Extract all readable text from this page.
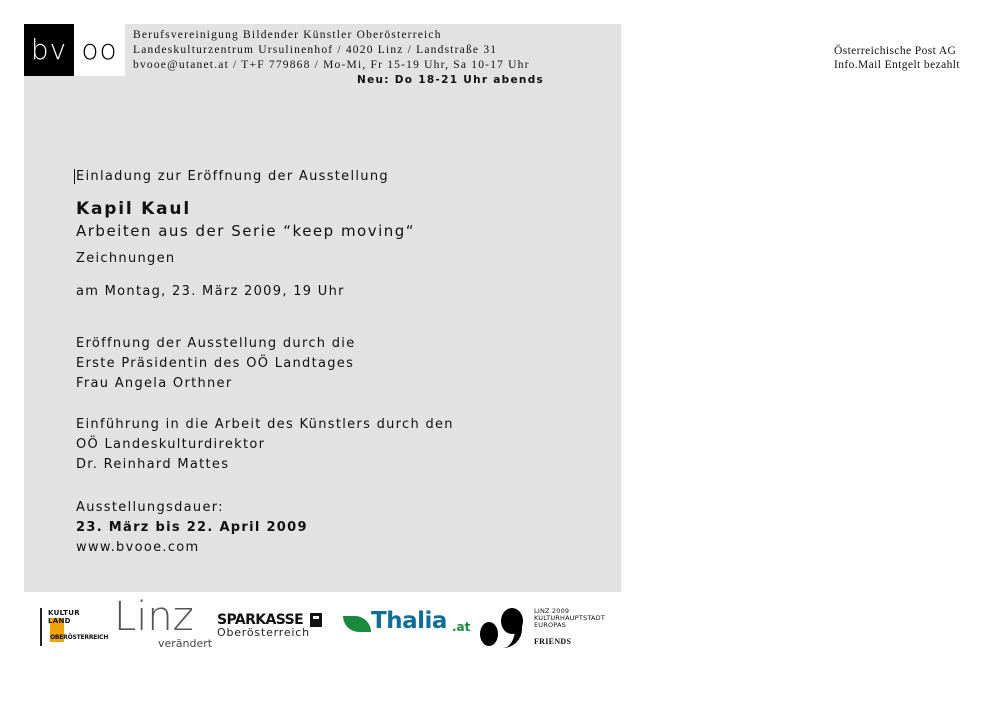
bv oo Berufsvereinigung Bildender Künstler Oberösterreich
Landeskulturzentrum Ursulinenhof / 4020 Linz / Landstraße 31
bvooe@utanet.at / T+F 779868 / Mo-Mi, Fr 15-19 Uhr, Sa 10-17 Uhr
Neu: Do 18-21 Uhr abends
Österreichische Post AG
Info.Mail Entgelt bezahlt
Einladung zur Eröffnung der Ausstellung
Kapil Kaul
Arbeiten aus der Serie “keep moving“
Zeichnungen
am Montag, 23. März 2009, 19 Uhr
Eröffnung der Ausstellung durch die
Erste Präsidentin des OÖ Landtages
Frau Angela Orthner
Einführung in die Arbeit des Künstlers durch den
OÖ Landeskulturdirektor
Dr. Reinhard Mattes
Ausstellungsdauer:
23. März bis 22. April 2009
www.bvooe.com
KULTUR LAND
OBERÖSTERREICH Linz
verändert
SPARKASSE
Oberösterreich	Thalia .at
LINZ 2009
KULTURHAUPTSTADT
EUROPAS
FRIENDS
